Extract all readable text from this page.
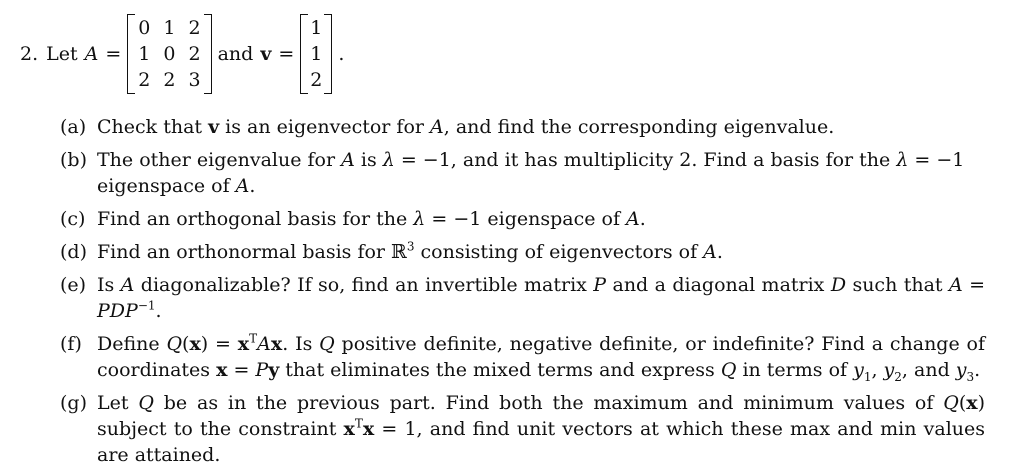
2. Let A =
0 1 2
1 0 2
2 2 3
and v =
1
1
2
.
(a) Check that v is an eigenvector for A, and find the corresponding eigenvalue.
(b) The other eigenvalue for A is λ = −1, and it has multiplicity 2. Find a basis for the λ = −1 eigenspace of A.
(c) Find an orthogonal basis for the λ = −1 eigenspace of A.
(d) Find an orthonormal basis for ℝ$^3$ consisting of eigenvectors of A.
(e) Is A diagonalizable? If so, find an invertible matrix P and a diagonal matrix D such that $A = PDP^{-1}$.
(f) Define $Q(x) = x^TAx$. Is Q positive definite, negative definite, or indefinite? Find a change of coordinates x = Py that eliminates the mixed terms and express Q in terms of $y_1$, $y_2$, and $y_3$.
(g) Let Q be as in the previous part. Find both the maximum and minimum values of Q(x) subject to the constraint $x^Tx = 1$, and find unit vectors at which these max and min values are attained.
